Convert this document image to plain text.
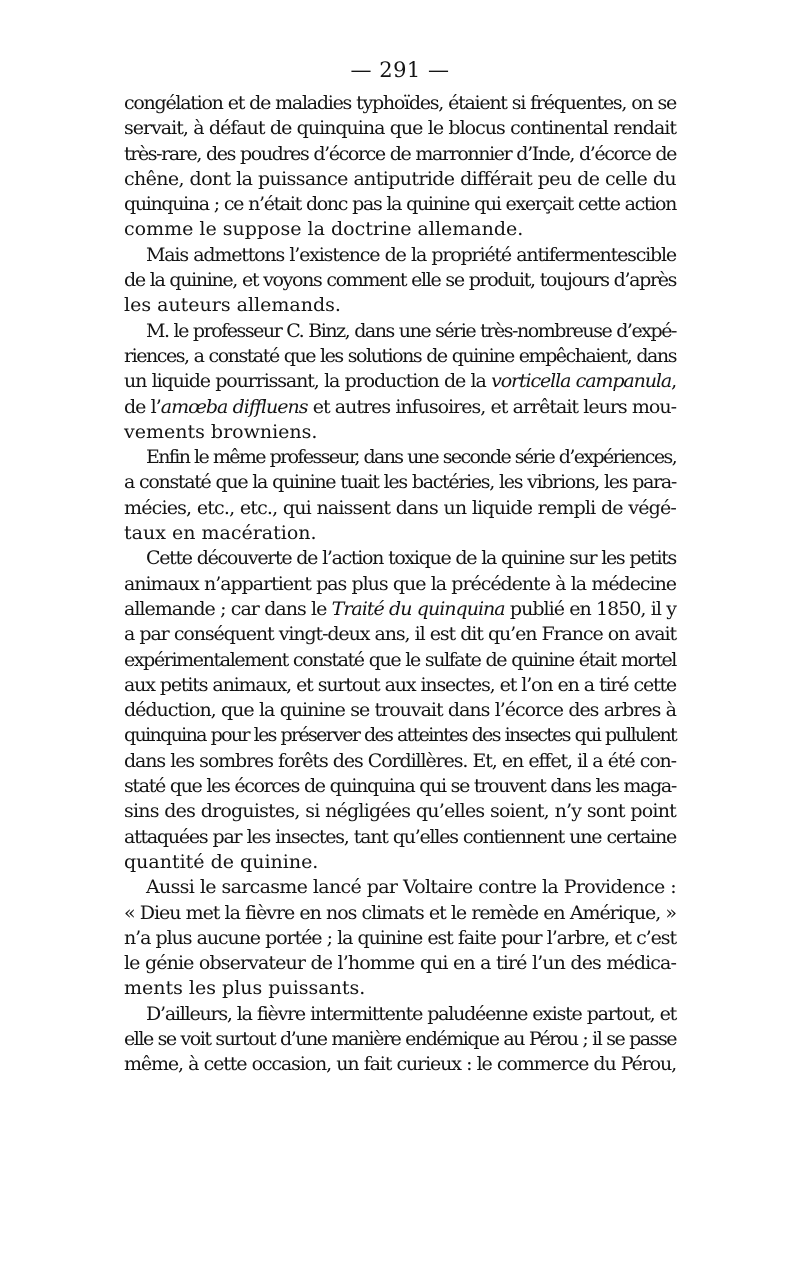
— 291 —
congélation et de maladies typhoïdes, étaient si fréquentes, on se
servait, à défaut de quinquina que le blocus continental rendait
très-rare, des poudres d’écorce de marronnier d’Inde, d’écorce de
chêne, dont la puissance antiputride différait peu de celle du
quinquina ; ce n’était donc pas la quinine qui exerçait cette action
comme le suppose la doctrine allemande.
Mais admettons l’existence de la propriété antifermentescible
de la quinine, et voyons comment elle se produit, toujours d’après
les auteurs allemands.
M. le professeur C. Binz, dans une série très-nombreuse d’expé-
riences, a constaté que les solutions de quinine empêchaient, dans
un liquide pourrissant, la production de la vorticella campanula,
de l’amœba diffluens et autres infusoires, et arrêtait leurs mou-
vements browniens.
Enfin le même professeur, dans une seconde série d’expériences,
a constaté que la quinine tuait les bactéries, les vibrions, les para-
mécies, etc., etc., qui naissent dans un liquide rempli de végé-
taux en macération.
Cette découverte de l’action toxique de la quinine sur les petits
animaux n’appartient pas plus que la précédente à la médecine
allemande ; car dans le Traité du quinquina publié en 1850, il y
a par conséquent vingt-deux ans, il est dit qu’en France on avait
expérimentalement constaté que le sulfate de quinine était mortel
aux petits animaux, et surtout aux insectes, et l’on en a tiré cette
déduction, que la quinine se trouvait dans l’écorce des arbres à
quinquina pour les préserver des atteintes des insectes qui pullulent
dans les sombres forêts des Cordillères. Et, en effet, il a été con-
staté que les écorces de quinquina qui se trouvent dans les maga-
sins des droguistes, si négligées qu’elles soient, n’y sont point
attaquées par les insectes, tant qu’elles contiennent une certaine
quantité de quinine.
Aussi le sarcasme lancé par Voltaire contre la Providence :
« Dieu met la fièvre en nos climats et le remède en Amérique, »
n’a plus aucune portée ; la quinine est faite pour l’arbre, et c’est
le génie observateur de l’homme qui en a tiré l’un des médica-
ments les plus puissants.
D’ailleurs, la fièvre intermittente paludéenne existe partout, et
elle se voit surtout d’une manière endémique au Pérou ; il se passe
même, à cette occasion, un fait curieux : le commerce du Pérou,
